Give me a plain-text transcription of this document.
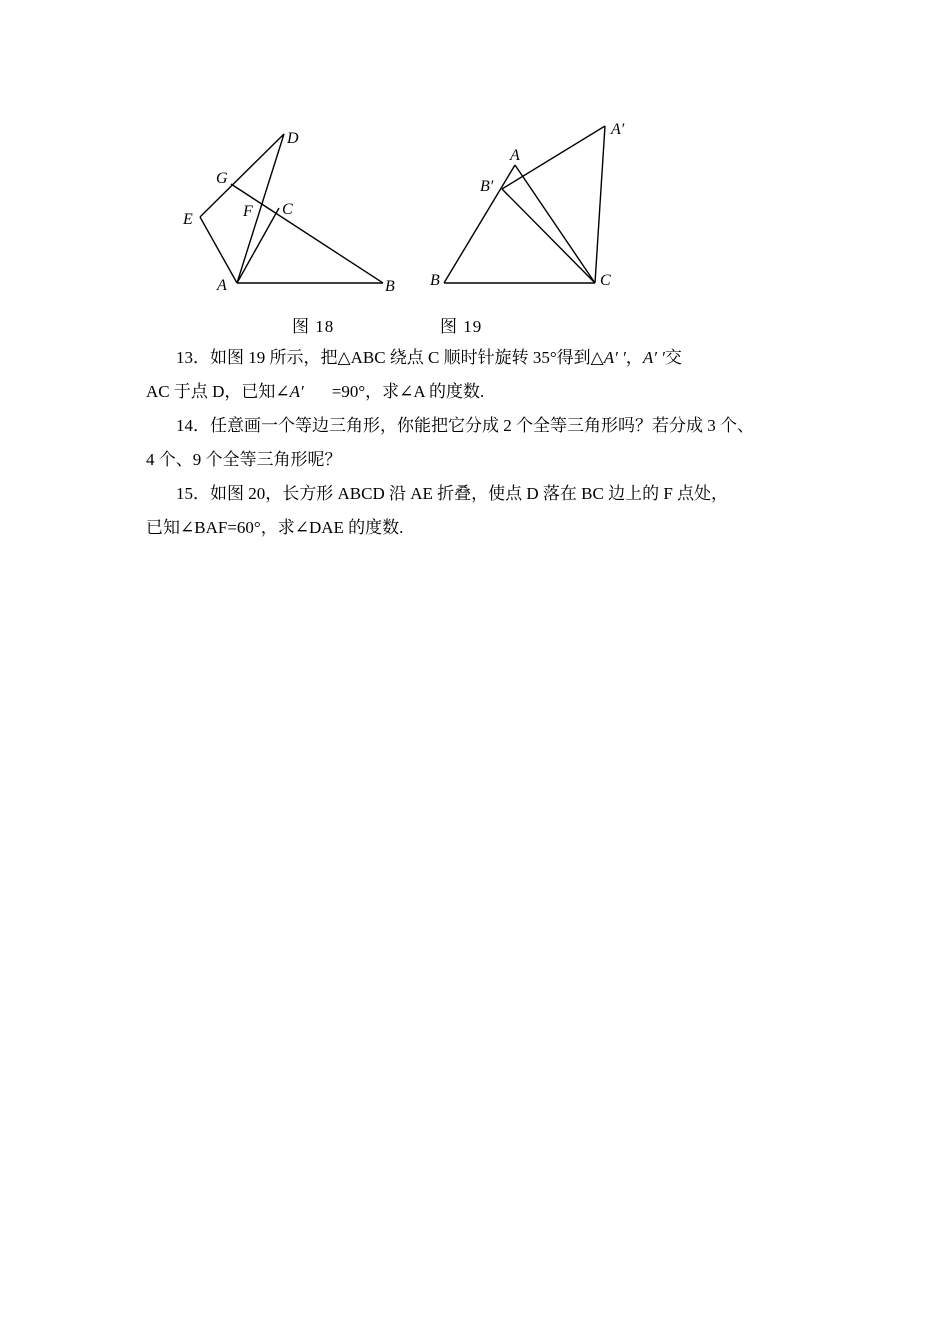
D
G
E	F C
A	B
A′
A
B′
B	C
图 18	图 19

13．如图 19 所示，把△ABC 绕点 C 顺时针旋转 35°得到△A′ ′，A′ ′交

AC 于点 D，已知∠A′ =90°，求∠A 的度数.

14．任意画一个等边三角形，你能把它分成 2 个全等三角形吗？若分成 3 个、

4 个、9 个全等三角形呢？

15．如图 20，长方形 ABCD 沿 AE 折叠，使点 D 落在 BC 边上的 F 点处，

已知∠BAF=60°，求∠DAE 的度数.
